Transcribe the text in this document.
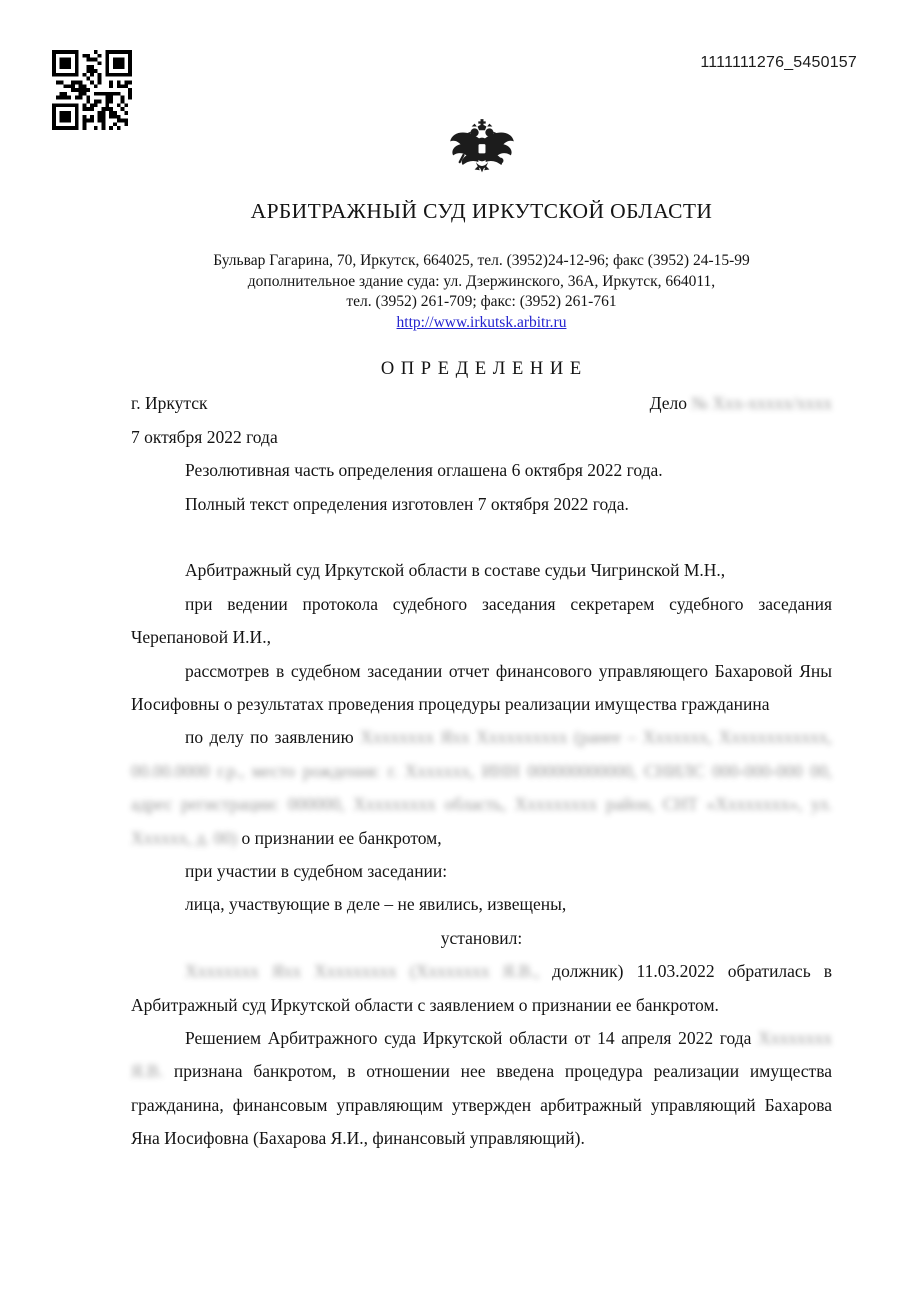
1111111276_5450157
АРБИТРАЖНЫЙ СУД ИРКУТСКОЙ ОБЛАСТИ
Бульвар Гагарина, 70, Иркутск, 664025, тел. (3952)24-12-96; факс (3952) 24-15-99
дополнительное здание суда: ул. Дзержинского, 36А, Иркутск, 664011,
тел. (3952) 261-709; факс: (3952) 261-761
http://www.irkutsk.arbitr.ru
О П Р Е Д Е Л Е Н И Е
г. Иркутск	Дело № Ххх-ххххх/хххх

7 октября 2022 года

Резолютивная часть определения оглашена 6 октября 2022 года.

Полный текст определения изготовлен 7 октября 2022 года.

Арбитражный суд Иркутской области в составе судьи Чигринской М.Н.,

при ведении протокола судебного заседания секретарем судебного заседания Черепановой И.И.,

рассмотрев в судебном заседании отчет финансового управляющего Бахаровой Яны Иосифовны о результатах проведения процедуры реализации имущества гражданина

по делу по заявлению Хххххххх Яхх Хххххххххх (ранее – Ххххххх, Хххххххххххх, 00.00.0000 г.р., место рождения: г. Ххххххх, ИНН 000000000000, СНИЛС 000-000-000 00, адрес регистрации: 000000, Ххххххххх область, Ххххххххх район, СНТ «Хххххххх», ул. Хххххх, д. 00) о признании ее банкротом,

при участии в судебном заседании:

лица, участвующие в деле – не явились, извещены,

установил:

Хххххххх Яхх Ххххххххх (Хххххххх Я.В., должник) 11.03.2022 обратилась в Арбитражный суд Иркутской области с заявлением о признании ее банкротом.

Решением Арбитражного суда Иркутской области от 14 апреля 2022 года Хххххххх Я.В. признана банкротом, в отношении нее введена процедура реализации имущества гражданина, финансовым управляющим утвержден арбитражный управляющий Бахарова Яна Иосифовна (Бахарова Я.И., финансовый управляющий).
